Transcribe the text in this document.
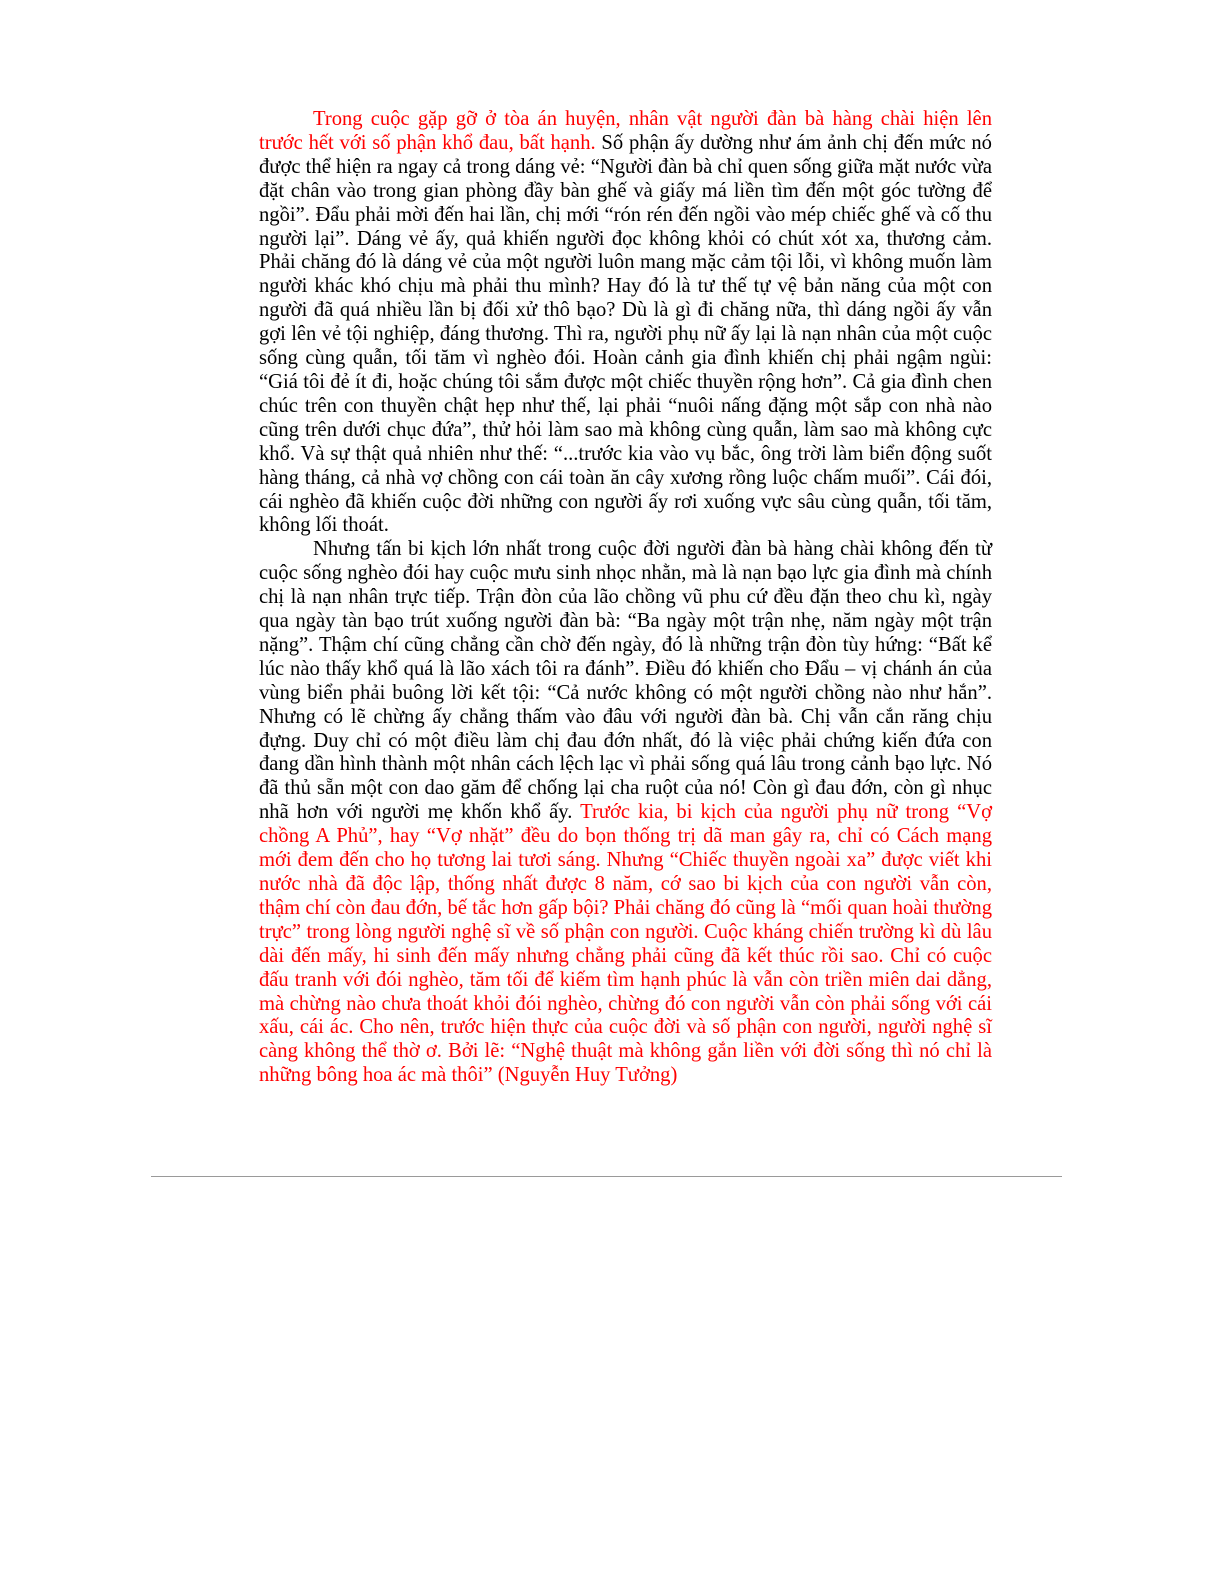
Trong cuộc gặp gỡ ở tòa án huyện, nhân vật người đàn bà hàng chài hiện lên trước hết với số phận khổ đau, bất hạnh. Số phận ấy dường như ám ảnh chị đến mức nó được thể hiện ra ngay cả trong dáng vẻ: “Người đàn bà chỉ quen sống giữa mặt nước vừa đặt chân vào trong gian phòng đầy bàn ghế và giấy má liền tìm đến một góc tường để ngồi”. Đẩu phải mời đến hai lần, chị mới “rón rén đến ngồi vào mép chiếc ghế và cố thu người lại”. Dáng vẻ ấy, quả khiến người đọc không khỏi có chút xót xa, thương cảm. Phải chăng đó là dáng vẻ của một người luôn mang mặc cảm tội lỗi, vì không muốn làm người khác khó chịu mà phải thu mình? Hay đó là tư thế tự vệ bản năng của một con người đã quá nhiều lần bị đối xử thô bạo? Dù là gì đi chăng nữa, thì dáng ngồi ấy vẫn gợi lên vẻ tội nghiệp, đáng thương. Thì ra, người phụ nữ ấy lại là nạn nhân của một cuộc sống cùng quẫn, tối tăm vì nghèo đói. Hoàn cảnh gia đình khiến chị phải ngậm ngùi: “Giá tôi đẻ ít đi, hoặc chúng tôi sắm được một chiếc thuyền rộng hơn”. Cả gia đình chen chúc trên con thuyền chật hẹp như thế, lại phải “nuôi nấng đặng một sắp con nhà nào cũng trên dưới chục đứa”, thử hỏi làm sao mà không cùng quẫn, làm sao mà không cực khổ. Và sự thật quả nhiên như thế: “...trước kia vào vụ bắc, ông trời làm biển động suốt hàng tháng, cả nhà vợ chồng con cái toàn ăn cây xương rồng luộc chấm muối”. Cái đói, cái nghèo đã khiến cuộc đời những con người ấy rơi xuống vực sâu cùng quẫn, tối tăm, không lối thoát.

Nhưng tấn bi kịch lớn nhất trong cuộc đời người đàn bà hàng chài không đến từ cuộc sống nghèo đói hay cuộc mưu sinh nhọc nhằn, mà là nạn bạo lực gia đình mà chính chị là nạn nhân trực tiếp. Trận đòn của lão chồng vũ phu cứ đều đặn theo chu kì, ngày qua ngày tàn bạo trút xuống người đàn bà: “Ba ngày một trận nhẹ, năm ngày một trận nặng”. Thậm chí cũng chẳng cần chờ đến ngày, đó là những trận đòn tùy hứng: “Bất kể lúc nào thấy khổ quá là lão xách tôi ra đánh”. Điều đó khiến cho Đẩu – vị chánh án của vùng biển phải buông lời kết tội: “Cả nước không có một người chồng nào như hắn”. Nhưng có lẽ chừng ấy chẳng thấm vào đâu với người đàn bà. Chị vẫn cắn răng chịu đựng. Duy chỉ có một điều làm chị đau đớn nhất, đó là việc phải chứng kiến đứa con đang dần hình thành một nhân cách lệch lạc vì phải sống quá lâu trong cảnh bạo lực. Nó đã thủ sẵn một con dao găm để chống lại cha ruột của nó! Còn gì đau đớn, còn gì nhục nhã hơn với người mẹ khốn khổ ấy. Trước kia, bi kịch của người phụ nữ trong “Vợ chồng A Phủ”, hay “Vợ nhặt” đều do bọn thống trị dã man gây ra, chỉ có Cách mạng mới đem đến cho họ tương lai tươi sáng. Nhưng “Chiếc thuyền ngoài xa” được viết khi nước nhà đã độc lập, thống nhất được 8 năm, cớ sao bi kịch của con người vẫn còn, thậm chí còn đau đớn, bế tắc hơn gấp bội? Phải chăng đó cũng là “mối quan hoài thường trực” trong lòng người nghệ sĩ về số phận con người. Cuộc kháng chiến trường kì dù lâu dài đến mấy, hi sinh đến mấy nhưng chẳng phải cũng đã kết thúc rồi sao. Chỉ có cuộc đấu tranh với đói nghèo, tăm tối để kiếm tìm hạnh phúc là vẫn còn triền miên dai dẳng, mà chừng nào chưa thoát khỏi đói nghèo, chừng đó con người vẫn còn phải sống với cái xấu, cái ác. Cho nên, trước hiện thực của cuộc đời và số phận con người, người nghệ sĩ càng không thể thờ ơ. Bởi lẽ: “Nghệ thuật mà không gắn liền với đời sống thì nó chỉ là những bông hoa ác mà thôi” (Nguyễn Huy Tưởng)
